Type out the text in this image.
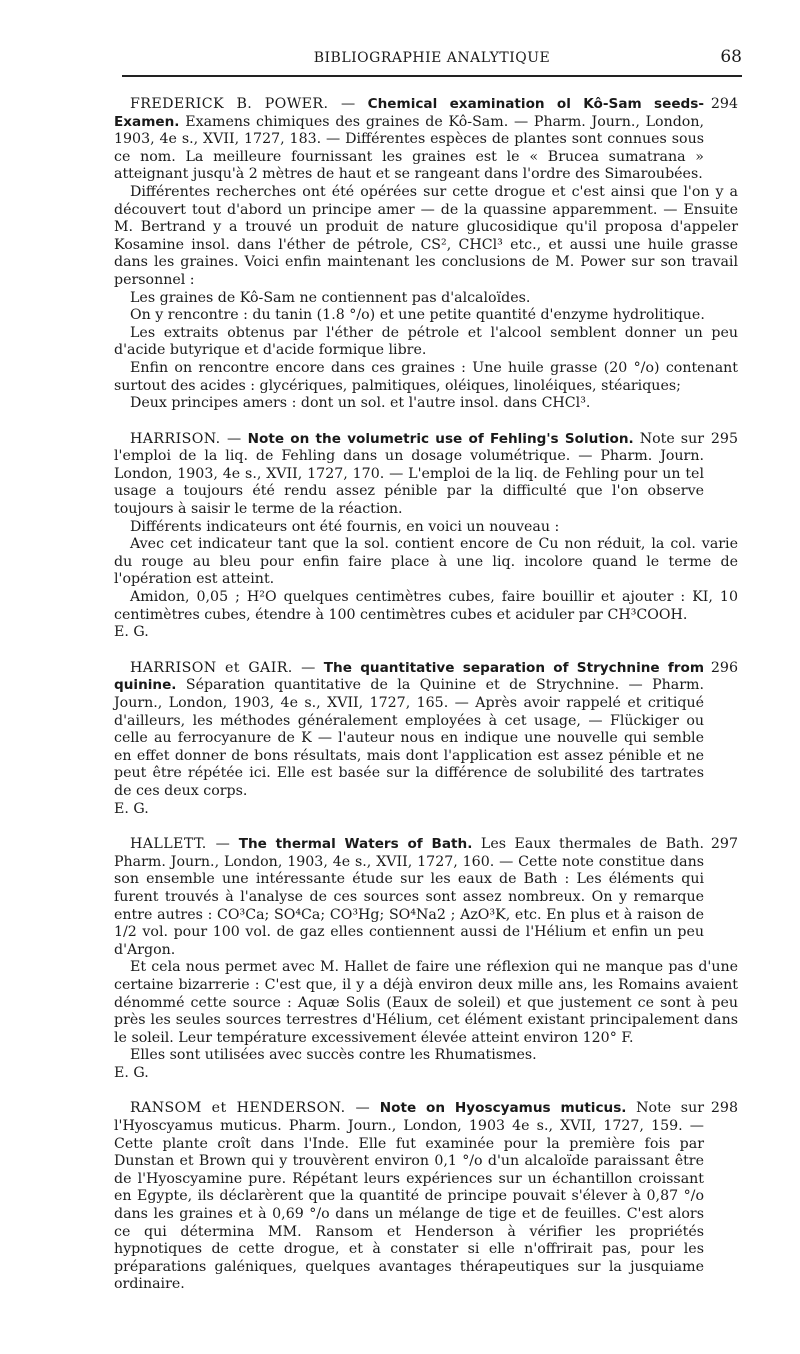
BIBLIOGRAPHIE ANALYTIQUE	68
294

FREDERICK B. POWER. — Chemical examination ol Kô-Sam seeds-Examen. Examens chimiques des graines de Kô-Sam. — Pharm. Journ., London, 1903, 4e s., XVII, 1727, 183. — Différentes espèces de plantes sont connues sous ce nom. La meilleure fournissant les graines est le « Brucea sumatrana » atteignant jusqu'à 2 mètres de haut et se rangeant dans l'ordre des Simaroubées.

Différentes recherches ont été opérées sur cette drogue et c'est ainsi que l'on y a découvert tout d'abord un principe amer — de la quassine apparemment. — Ensuite M. Bertrand y a trouvé un produit de nature glucosidique qu'il proposa d'appeler Kosamine insol. dans l'éther de pétrole, CS², CHCl³ etc., et aussi une huile grasse dans les graines. Voici enfin maintenant les conclusions de M. Power sur son travail personnel :

Les graines de Kô-Sam ne contiennent pas d'alcaloïdes.

On y rencontre : du tanin (1.8 °/o) et une petite quantité d'enzyme hydrolitique.

Les extraits obtenus par l'éther de pétrole et l'alcool semblent donner un peu d'acide butyrique et d'acide formique libre.

Enfin on rencontre encore dans ces graines : Une huile grasse (20 °/o) contenant surtout des acides : glycériques, palmitiques, oléiques, linoléiques, stéariques;

Deux principes amers : dont un sol. et l'autre insol. dans CHCl³.

295

HARRISON. — Note on the volumetric use of Fehling's Solution. Note sur l'emploi de la liq. de Fehling dans un dosage volumétrique. — Pharm. Journ. London, 1903, 4e s., XVII, 1727, 170. — L'emploi de la liq. de Fehling pour un tel usage a toujours été rendu assez pénible par la difficulté que l'on observe toujours à saisir le terme de la réaction.

Différents indicateurs ont été fournis, en voici un nouveau :

Avec cet indicateur tant que la sol. contient encore de Cu non réduit, la col. varie du rouge au bleu pour enfin faire place à une liq. incolore quand le terme de l'opération est atteint.

Amidon, 0,05 ; H²O quelques centimètres cubes, faire bouillir et ajouter : KI, 10 centimètres cubes, étendre à 100 centimètres cubes et aciduler par CH³COOH.

E. G.

296

HARRISON et GAIR. — The quantitative separation of Strychnine from quinine. Séparation quantitative de la Quinine et de Strychnine. — Pharm. Journ., London, 1903, 4e s., XVII, 1727, 165. — Après avoir rappelé et critiqué d'ailleurs, les méthodes généralement employées à cet usage, — Flückiger ou celle au ferrocyanure de K — l'auteur nous en indique une nouvelle qui semble en effet donner de bons résultats, mais dont l'application est assez pénible et ne peut être répétée ici. Elle est basée sur la différence de solubilité des tartrates de ces deux corps.

E. G.

297

HALLETT. — The thermal Waters of Bath. Les Eaux thermales de Bath. Pharm. Journ., London, 1903, 4e s., XVII, 1727, 160. — Cette note constitue dans son ensemble une intéressante étude sur les eaux de Bath : Les éléments qui furent trouvés à l'analyse de ces sources sont assez nombreux. On y remarque entre autres : CO³Ca; SO⁴Ca; CO³Hg; SO⁴Na2 ; AzO³K, etc. En plus et à raison de 1/2 vol. pour 100 vol. de gaz elles contiennent aussi de l'Hélium et enfin un peu d'Argon.

Et cela nous permet avec M. Hallet de faire une réflexion qui ne manque pas d'une certaine bizarrerie : C'est que, il y a déjà environ deux mille ans, les Romains avaient dénommé cette source : Aquæ Solis (Eaux de soleil) et que justement ce sont à peu près les seules sources terrestres d'Hélium, cet élément existant principalement dans le soleil. Leur température excessivement élevée atteint environ 120° F.

Elles sont utilisées avec succès contre les Rhumatismes.

E. G.

298

RANSOM et HENDERSON. — Note on Hyoscyamus muticus. Note sur l'Hyoscyamus muticus. Pharm. Journ., London, 1903 4e s., XVII, 1727, 159. — Cette plante croît dans l'Inde. Elle fut examinée pour la première fois par Dunstan et Brown qui y trouvèrent environ 0,1 °/o d'un alcaloïde paraissant être de l'Hyoscyamine pure. Répétant leurs expériences sur un échantillon croissant en Egypte, ils déclarèrent que la quantité de principe pouvait s'élever à 0,87 °/o dans les graines et à 0,69 °/o dans un mélange de tige et de feuilles. C'est alors ce qui détermina MM. Ransom et Henderson à vérifier les propriétés hypnotiques de cette drogue, et à constater si elle n'offrirait pas, pour les préparations galéniques, quelques avantages thérapeutiques sur la jusquiame ordinaire.
